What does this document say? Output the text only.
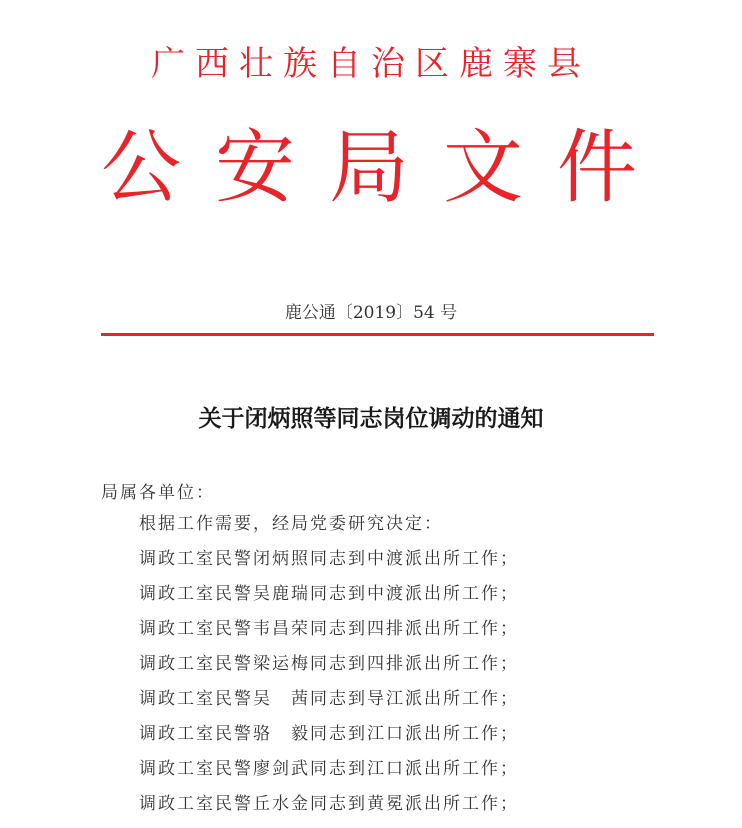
广西壮族自治区鹿寨县
公安局文件
鹿公通〔2019〕54 号
关于闭炳照等同志岗位调动的通知
局属各单位：
根据工作需要，经局党委研究决定：
调政工室民警闭炳照同志到中渡派出所工作；
调政工室民警吴鹿瑞同志到中渡派出所工作；
调政工室民警韦昌荣同志到四排派出所工作；
调政工室民警梁运梅同志到四排派出所工作；
调政工室民警吴　茜同志到导江派出所工作；
调政工室民警骆　毅同志到江口派出所工作；
调政工室民警廖剑武同志到江口派出所工作；
调政工室民警丘水金同志到黄冕派出所工作；
